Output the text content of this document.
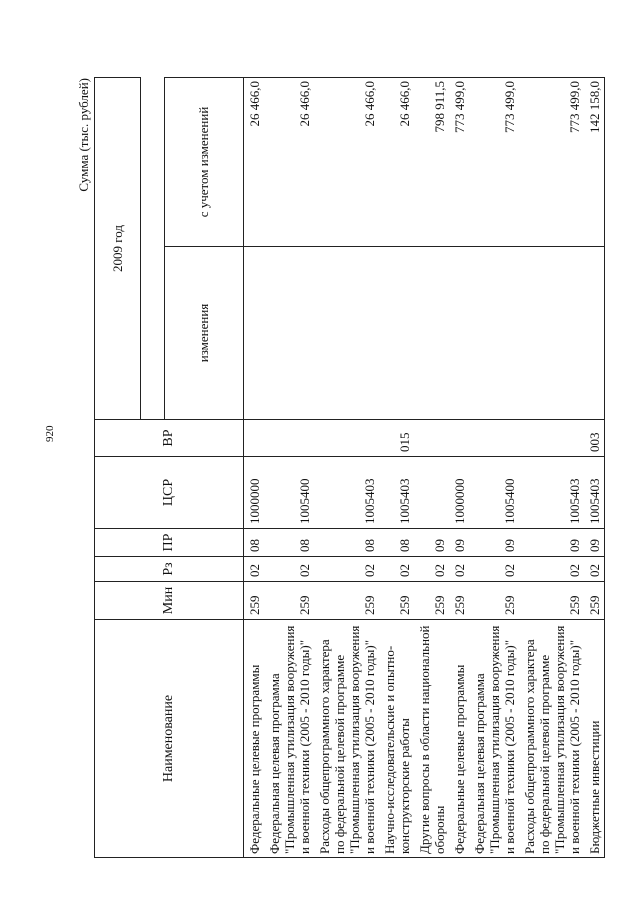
920
Сумма (тыс. рублей)
Наименование	Мин	Рз	ПР	ЦСР	ВР	2009 год	

						изменения	с учетом изменений
Федеральные целевые программы	259	02	08	1000000			26 466,0
Федеральная целевая программа "Промышленная утилизация вооружения и военной техники (2005 - 2010 годы)"	259	02	08	1005400			26 466,0
Расходы общепрограммного характера по федеральной целевой программе "Промышленная утилизация вооружения и военной техники (2005 - 2010 годы)"	259	02	08	1005403			26 466,0
Научно-исследовательские и опытно-конструкторские работы	259	02	08	1005403	015		26 466,0
Другие вопросы в области национальной обороны	259	02	09				798 911,5
Федеральные целевые программы	259	02	09	1000000			773 499,0
Федеральная целевая программа "Промышленная утилизация вооружения и военной техники (2005 - 2010 годы)"	259	02	09	1005400			773 499,0
Расходы общепрограммного характера по федеральной целевой программе "Промышленная утилизация вооружения и военной техники (2005 - 2010 годы)"	259	02	09	1005403			773 499,0
Бюджетные инвестиции	259	02	09	1005403	003		142 158,0
